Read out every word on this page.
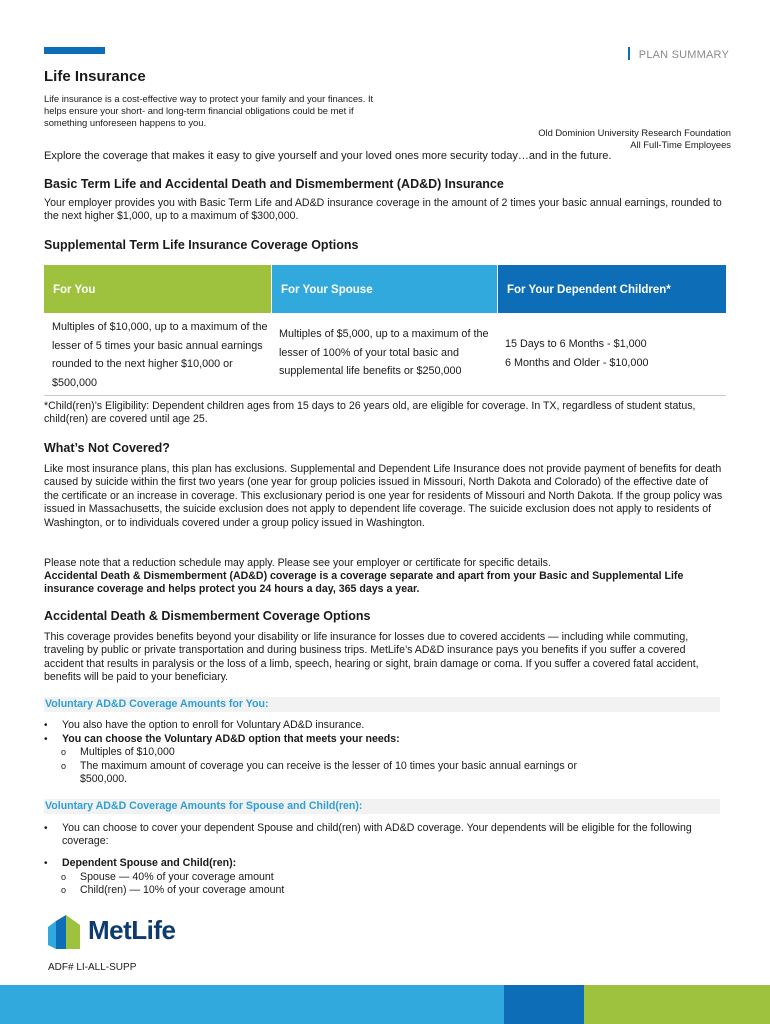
PLAN SUMMARY
Life Insurance

Life insurance is a cost-effective way to protect your family and your finances. It helps ensure your short- and long-term financial obligations could be met if something unforeseen happens to you.

Old Dominion University Research Foundation
All Full-Time Employees

Explore the coverage that makes it easy to give yourself and your loved ones more security today…and in the future.

Basic Term Life and Accidental Death and Dismemberment (AD&D) Insurance

Your employer provides you with Basic Term Life and AD&D insurance coverage in the amount of 2 times your basic annual earnings, rounded to the next higher $1,000, up to a maximum of $300,000.

Supplemental Term Life Insurance Coverage Options
For You	For Your Spouse	For Your Dependent Children*
Multiples of $10,000, up to a maximum of the lesser of 5 times your basic annual earnings rounded to the next higher $10,000 or $500,000
Multiples of $5,000, up to a maximum of the lesser of 100% of your total basic and supplemental life benefits or $250,000
15 Days to 6 Months - $1,000
6 Months and Older - $10,000

*Child(ren)’s Eligibility: Dependent children ages from 15 days to 26 years old, are eligible for coverage. In TX, regardless of student status, child(ren) are covered until age 25.

What’s Not Covered?

Like most insurance plans, this plan has exclusions. Supplemental and Dependent Life Insurance does not provide payment of benefits for death caused by suicide within the first two years (one year for group policies issued in Missouri, North Dakota and Colorado) of the effective date of the certificate or an increase in coverage. This exclusionary period is one year for residents of Missouri and North Dakota. If the group policy was issued in Massachusetts, the suicide exclusion does not apply to dependent life coverage. The suicide exclusion does not apply to residents of Washington, or to individuals covered under a group policy issued in Washington.

Please note that a reduction schedule may apply. Please see your employer or certificate for specific details.

Accidental Death & Dismemberment (AD&D) coverage is a coverage separate and apart from your Basic and Supplemental Life insurance coverage and helps protect you 24 hours a day, 365 days a year.

Accidental Death & Dismemberment Coverage Options

This coverage provides benefits beyond your disability or life insurance for losses due to covered accidents — including while commuting, traveling by public or private transportation and during business trips. MetLife’s AD&D insurance pays you benefits if you suffer a covered accident that results in paralysis or the loss of a limb, speech, hearing or sight, brain damage or coma. If you suffer a covered fatal accident, benefits will be paid to your beneficiary.

Voluntary AD&D Coverage Amounts for You:
• You also have the option to enroll for Voluntary AD&D insurance.
• You can choose the Voluntary AD&D option that meets your needs:
o Multiples of $10,000
o The maximum amount of coverage you can receive is the lesser of 10 times your basic annual earnings or $500,000.
Voluntary AD&D Coverage Amounts for Spouse and Child(ren):
• You can choose to cover your dependent Spouse and child(ren) with AD&D coverage. Your dependents will be eligible for the following coverage:
• Dependent Spouse and Child(ren):
o Spouse — 40% of your coverage amount
o Child(ren) — 10% of your coverage amount
MetLife
ADF# LI-ALL-SUPP
